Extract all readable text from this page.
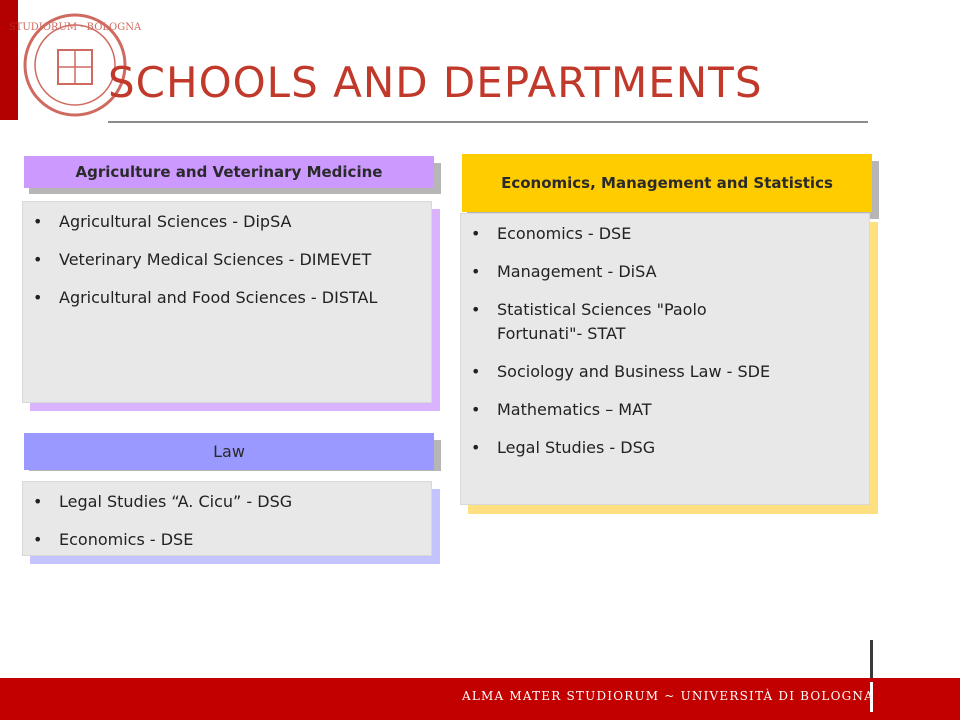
STUDIORUM · BOLOGNA
SCHOOLS AND DEPARTMENTS
Agriculture and Veterinary Medicine
• Agricultural Sciences - DipSA
• Veterinary Medical Sciences - DIMEVET
• Agricultural and Food Sciences - DISTAL
Economics, Management and Statistics
• Economics - DSE
• Management - DiSA
• Statistical Sciences "Paolo Fortunati"- STAT
• Sociology and Business Law - SDE
• Mathematics – MAT
• Legal Studies - DSG
Law
• Legal Studies “A. Cicu” - DSG
• Economics - DSE
ALMA MATER STUDIORUM ~ UNIVERSITÀ DI BOLOGNA
